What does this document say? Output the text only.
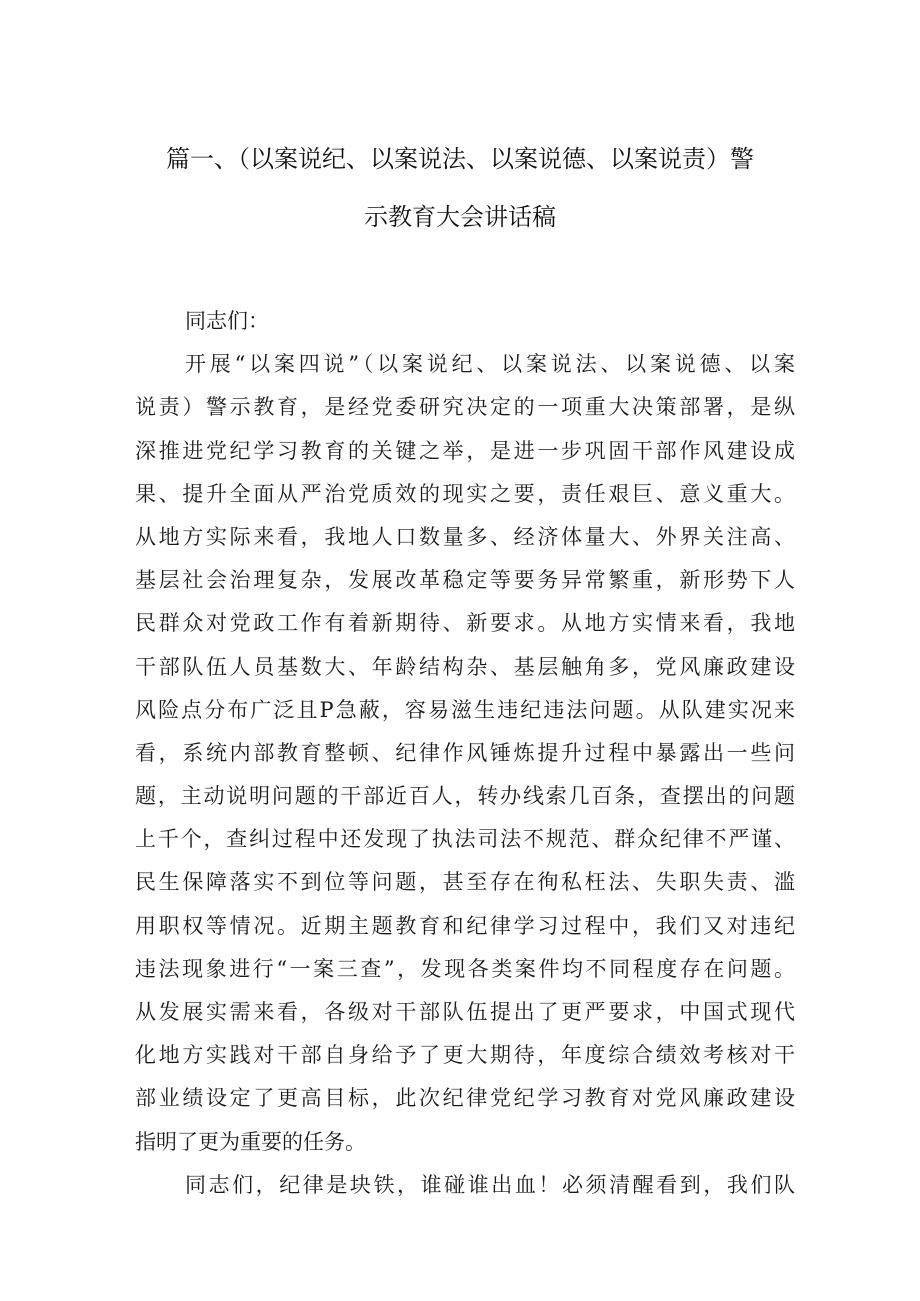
篇一、（以案说纪、以案说法、以案说德、以案说责）警
示教育大会讲话稿
同志们：
开展“以案四说”（以案说纪、以案说法、以案说德、以案
说责）警示教育，是经党委研究决定的一项重大决策部署，是纵
深推进党纪学习教育的关键之举，是进一步巩固干部作风建设成
果、提升全面从严治党质效的现实之要，责任艰巨、意义重大。
从地方实际来看，我地人口数量多、经济体量大、外界关注高、
基层社会治理复杂，发展改革稳定等要务异常繁重，新形势下人
民群众对党政工作有着新期待、新要求。从地方实情来看，我地
干部队伍人员基数大、年龄结构杂、基层触角多，党风廉政建设
风险点分布广泛且P急蔽，容易滋生违纪违法问题。从队建实况来
看，系统内部教育整顿、纪律作风锤炼提升过程中暴露出一些问
题，主动说明问题的干部近百人，转办线索几百条，查摆出的问题
上千个，查纠过程中还发现了执法司法不规范、群众纪律不严谨、
民生保障落实不到位等问题，甚至存在徇私枉法、失职失责、滥
用职权等情况。近期主题教育和纪律学习过程中，我们又对违纪
违法现象进行“一案三查”，发现各类案件均不同程度存在问题。
从发展实需来看，各级对干部队伍提出了更严要求，中国式现代
化地方实践对干部自身给予了更大期待，年度综合绩效考核对干
部业绩设定了更高目标，此次纪律党纪学习教育对党风廉政建设
指明了更为重要的任务。
同志们，纪律是块铁，谁碰谁出血！必须清醒看到，我们队
